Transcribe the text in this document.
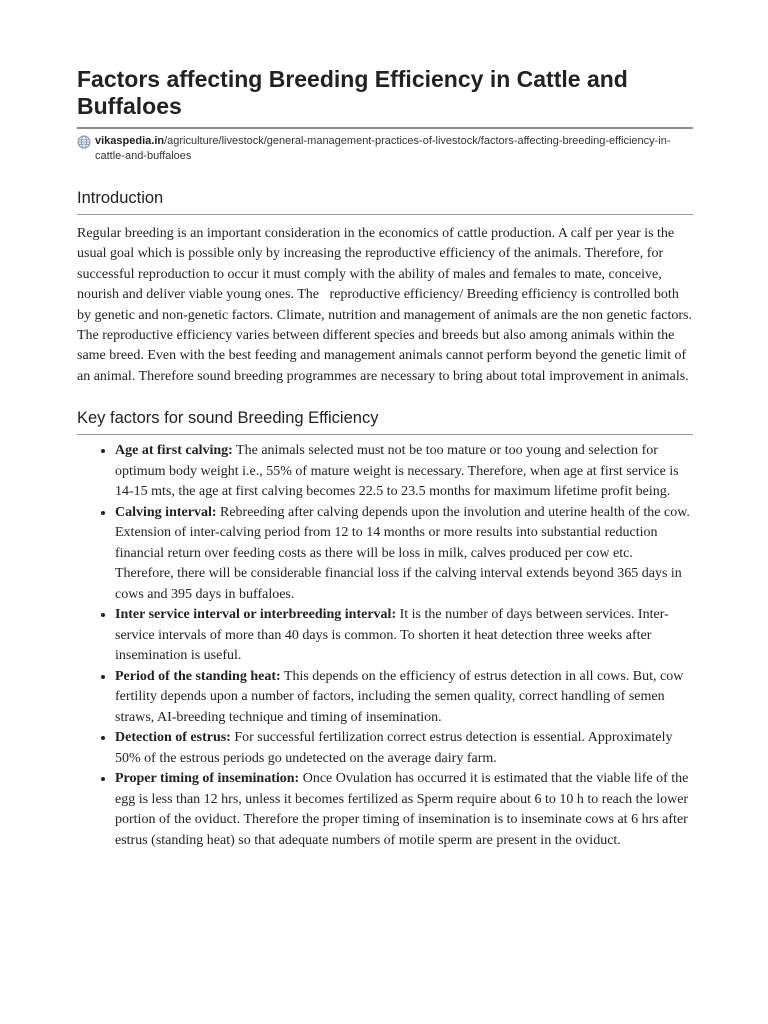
Factors affecting Breeding Efficiency in Cattle and Buffaloes
vikaspedia.in/agriculture/livestock/general-management-practices-of-livestock/factors-affecting-breeding-efficiency-in-cattle-and-buffaloes
Introduction

Regular breeding is an important consideration in the economics of cattle production. A calf per year is the usual goal which is possible only by increasing the reproductive efficiency of the animals. Therefore, for successful reproduction to occur it must comply with the ability of males and females to mate, conceive, nourish and deliver viable young ones. The   reproductive efficiency/ Breeding efficiency is controlled both by genetic and non-genetic factors. Climate, nutrition and management of animals are the non genetic factors. The reproductive efficiency varies between different species and breeds but also among animals within the same breed. Even with the best feeding and management animals cannot perform beyond the genetic limit of an animal. Therefore sound breeding programmes are necessary to bring about total improvement in animals.

Key factors for sound Breeding Efficiency
• Age at first calving: The animals selected must not be too mature or too young and selection for optimum body weight i.e., 55% of mature weight is necessary. Therefore, when age at first service is 14-15 mts, the age at first calving becomes 22.5 to 23.5 months for maximum lifetime profit being.
• Calving interval: Rebreeding after calving depends upon the involution and uterine health of the cow. Extension of inter-calving period from 12 to 14 months or more results into substantial reduction financial return over feeding costs as there will be loss in milk, calves produced per cow etc. Therefore, there will be considerable financial loss if the calving interval extends beyond 365 days in cows and 395 days in buffaloes.
• Inter service interval or interbreeding interval: It is the number of days between services. Inter-service intervals of more than 40 days is common. To shorten it heat detection three weeks after insemination is useful.
• Period of the standing heat: This depends on the efficiency of estrus detection in all cows. But, cow fertility depends upon a number of factors, including the semen quality, correct handling of semen straws, AI-breeding technique and timing of insemination.
• Detection of estrus: For successful fertilization correct estrus detection is essential. Approximately 50% of the estrous periods go undetected on the average dairy farm.
• Proper timing of insemination: Once Ovulation has occurred it is estimated that the viable life of the egg is less than 12 hrs, unless it becomes fertilized as Sperm require about 6 to 10 h to reach the lower portion of the oviduct. Therefore the proper timing of insemination is to inseminate cows at 6 hrs after estrus (standing heat) so that adequate numbers of motile sperm are present in the oviduct.
